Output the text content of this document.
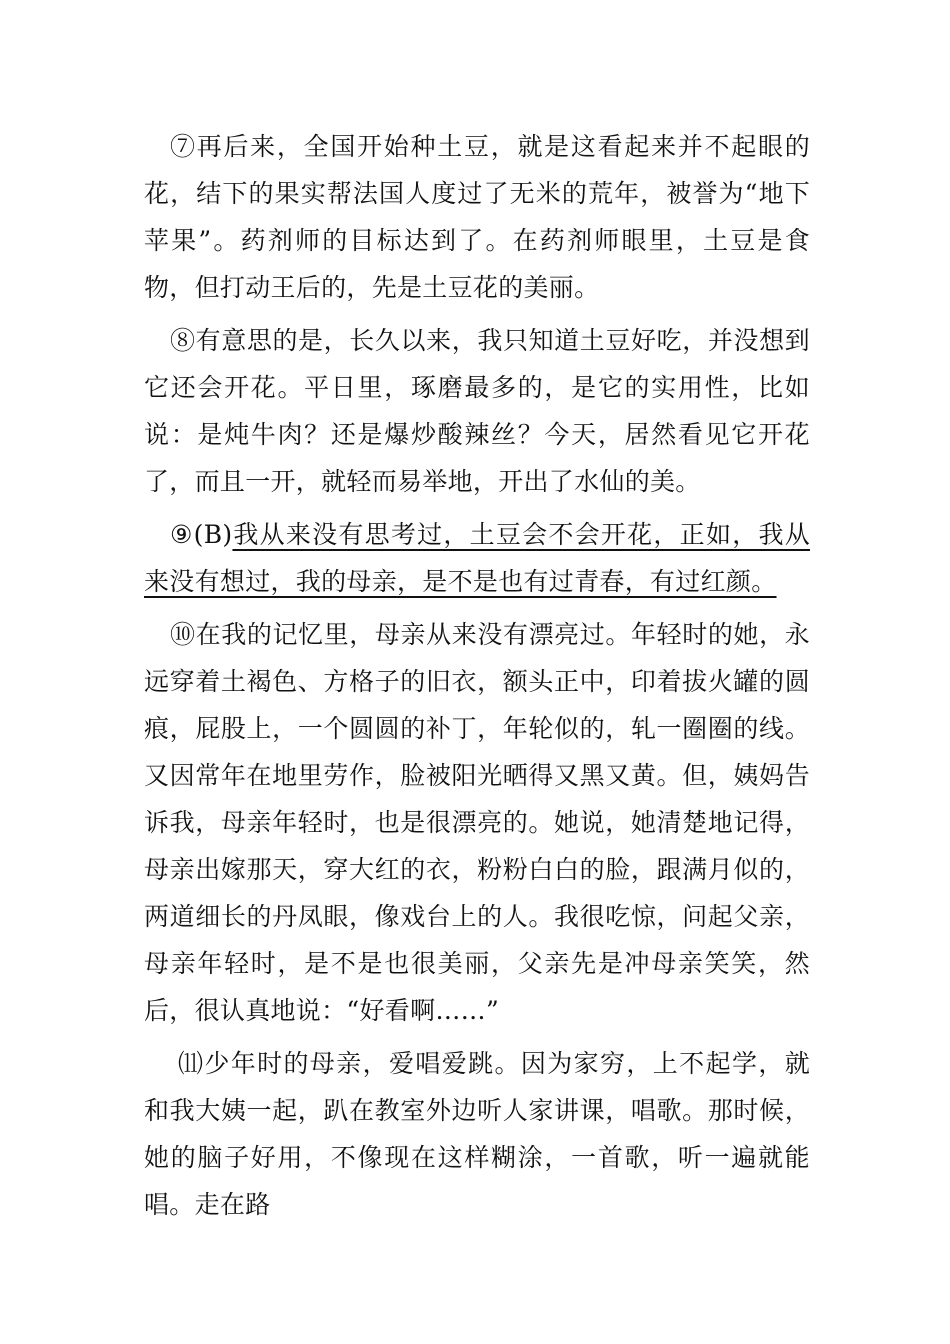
⑦再后来，全国开始种土豆，就是这看起来并不起眼的花，结下的果实帮法国人度过了无米的荒年，被誉为“地下苹果”。药剂师的目标达到了。在药剂师眼里，土豆是食物，但打动王后的，先是土豆花的美丽。

⑧有意思的是，长久以来，我只知道土豆好吃，并没想到它还会开花。平日里，琢磨最多的，是它的实用性，比如说：是炖牛肉？还是爆炒酸辣丝？今天，居然看见它开花了，而且一开，就轻而易举地，开出了水仙的美。

⑨(B)我从来没有思考过，土豆会不会开花，正如，我从来没有想过，我的母亲，是不是也有过青春，有过红颜。

⑩在我的记忆里，母亲从来没有漂亮过。年轻时的她，永远穿着土褐色、方格子的旧衣，额头正中，印着拔火罐的圆痕，屁股上，一个圆圆的补丁，年轮似的，轧一圈圈的线。又因常年在地里劳作，脸被阳光晒得又黑又黄。但，姨妈告诉我，母亲年轻时，也是很漂亮的。她说，她清楚地记得，母亲出嫁那天，穿大红的衣，粉粉白白的脸，跟满月似的，两道细长的丹凤眼，像戏台上的人。我很吃惊，问起父亲，母亲年轻时，是不是也很美丽，父亲先是冲母亲笑笑，然后，很认真地说：“好看啊……”

⑾少年时的母亲，爱唱爱跳。因为家穷，上不起学，就和我大姨一起，趴在教室外边听人家讲课，唱歌。那时候，她的脑子好用，不像现在这样糊涂，一首歌，听一遍就能唱。走在路
